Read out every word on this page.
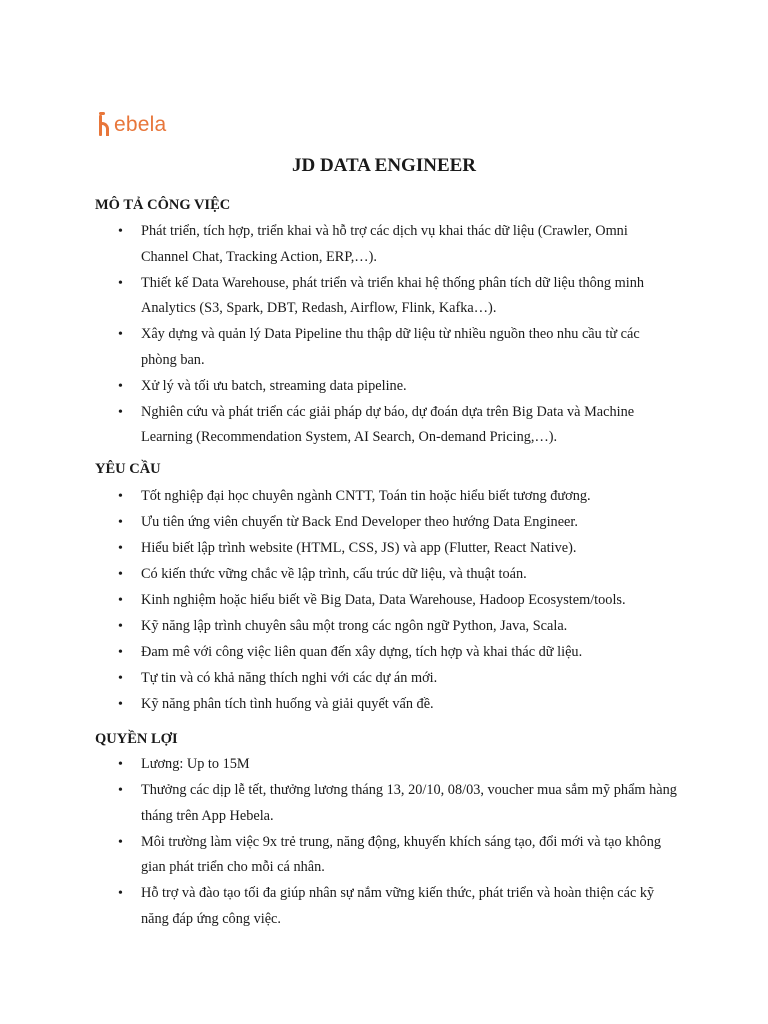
ebela
JD DATA ENGINEER
MÔ TẢ CÔNG VIỆC
• Phát triển, tích hợp, triển khai và hỗ trợ các dịch vụ khai thác dữ liệu (Crawler, Omni Channel Chat, Tracking Action, ERP,…).
• Thiết kế Data Warehouse, phát triển và triển khai hệ thống phân tích dữ liệu thông minh Analytics (S3, Spark, DBT, Redash, Airflow, Flink, Kafka…).
• Xây dựng và quản lý Data Pipeline thu thập dữ liệu từ nhiều nguồn theo nhu cầu từ các phòng ban.
• Xử lý và tối ưu batch, streaming data pipeline.
• Nghiên cứu và phát triển các giải pháp dự báo, dự đoán dựa trên Big Data và Machine Learning (Recommendation System, AI Search, On-demand Pricing,…).
YÊU CẦU
• Tốt nghiệp đại học chuyên ngành CNTT, Toán tin hoặc hiểu biết tương đương.
• Ưu tiên ứng viên chuyển từ Back End Developer theo hướng Data Engineer.
• Hiểu biết lập trình website (HTML, CSS, JS) và app (Flutter, React Native).
• Có kiến thức vững chắc về lập trình, cấu trúc dữ liệu, và thuật toán.
• Kinh nghiệm hoặc hiểu biết về Big Data, Data Warehouse, Hadoop Ecosystem/tools.
• Kỹ năng lập trình chuyên sâu một trong các ngôn ngữ Python, Java, Scala.
• Đam mê với công việc liên quan đến xây dựng, tích hợp và khai thác dữ liệu.
• Tự tin và có khả năng thích nghi với các dự án mới.
• Kỹ năng phân tích tình huống và giải quyết vấn đề.
QUYỀN LỢI
• Lương: Up to 15M
• Thưởng các dịp lễ tết, thưởng lương tháng 13, 20/10, 08/03, voucher mua sắm mỹ phẩm hàng tháng trên App Hebela.
• Môi trường làm việc 9x trẻ trung, năng động, khuyến khích sáng tạo, đổi mới và tạo không gian phát triển cho mỗi cá nhân.
• Hỗ trợ và đào tạo tối đa giúp nhân sự nắm vững kiến thức, phát triển và hoàn thiện các kỹ năng đáp ứng công việc.
